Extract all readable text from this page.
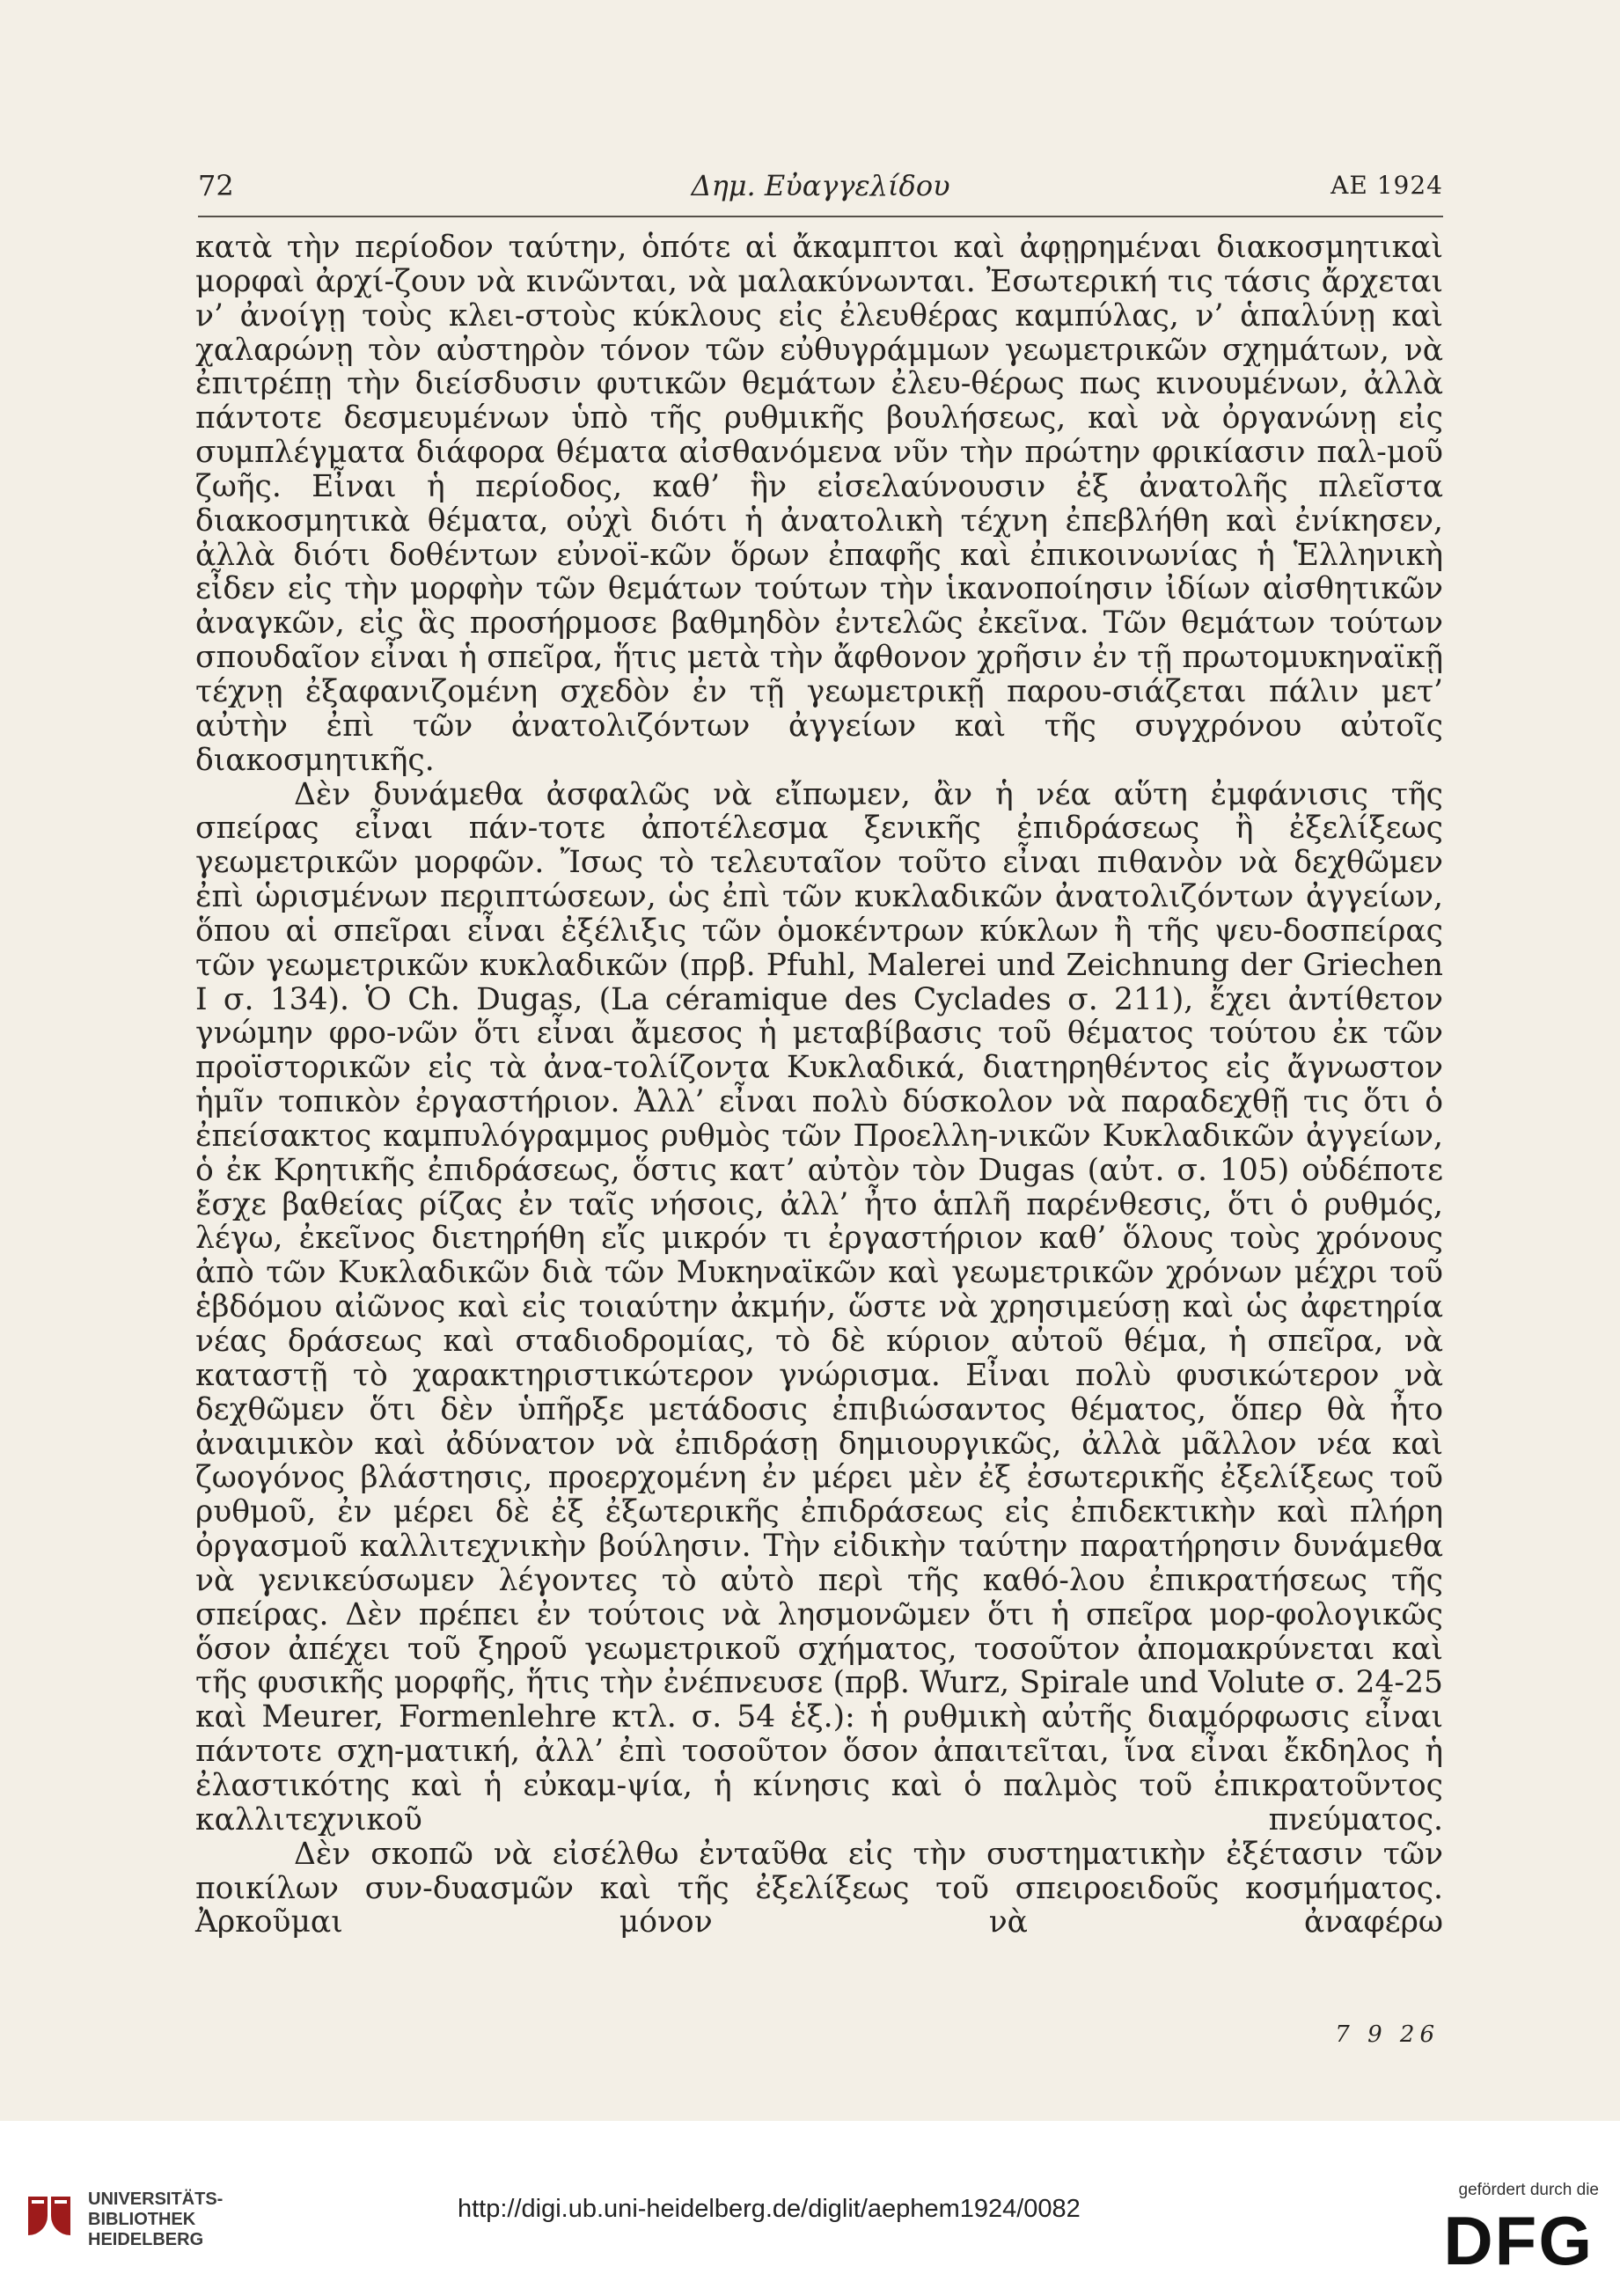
72	Δημ. Εὐαγγελίδου	ΑΕ 1924

κατὰ τὴν περίοδον ταύτην, ὁπότε αἱ ἄκαμπτοι καὶ ἀφῃρημέναι διακοσμητικαὶ μορφαὶ ἀρχί-ζουν νὰ κινῶνται, νὰ μαλακύνωνται. Ἐσωτερική τις τάσις ἄρχεται ν’ ἀνοίγῃ τοὺς κλει-στοὺς κύκλους εἰς ἐλευθέρας καμπύλας, ν’ ἁπαλύνῃ καὶ χαλαρώνῃ τὸν αὐστηρὸν τόνον τῶν εὐθυγράμμων γεωμετρικῶν σχημάτων, νὰ ἐπιτρέπῃ τὴν διείσδυσιν φυτικῶν θεμάτων ἐλευ-θέρως πως κινουμένων, ἀλλὰ πάντοτε δεσμευμένων ὑπὸ τῆς ρυθμικῆς βουλήσεως, καὶ νὰ ὀργανώνῃ εἰς συμπλέγματα διάφορα θέματα αἰσθανόμενα νῦν τὴν πρώτην φρικίασιν παλ-μοῦ ζωῆς. Εἶναι ἡ περίοδος, καθ’ ἣν εἰσελαύνουσιν ἐξ ἀνατολῆς πλεῖστα διακοσμητικὰ θέματα, οὐχὶ διότι ἡ ἀνατολικὴ τέχνη ἐπεβλήθη καὶ ἐνίκησεν, ἀλλὰ διότι δοθέντων εὐνοϊ-κῶν ὅρων ἐπαφῆς καὶ ἐπικοινωνίας ἡ Ἑλληνικὴ εἶδεν εἰς τὴν μορφὴν τῶν θεμάτων τούτων τὴν ἱκανοποίησιν ἰδίων αἰσθητικῶν ἀναγκῶν, εἰς ἃς προσήρμοσε βαθμηδὸν ἐντελῶς ἐκεῖνα. Τῶν θεμάτων τούτων σπουδαῖον εἶναι ἡ σπεῖρα, ἥτις μετὰ τὴν ἄφθονον χρῆσιν ἐν τῇ πρωτομυκηναϊκῇ τέχνῃ ἐξαφανιζομένη σχεδὸν ἐν τῇ γεωμετρικῇ παρου-σιάζεται πάλιν μετ’ αὐτὴν ἐπὶ τῶν ἀνατολιζόντων ἀγγείων καὶ τῆς συγχρόνου αὐτοῖς διακοσμητικῆς.

Δὲν δυνάμεθα ἀσφαλῶς νὰ εἴπωμεν, ἂν ἡ νέα αὕτη ἐμφάνισις τῆς σπείρας εἶναι πάν-τοτε ἀποτέλεσμα ξενικῆς ἐπιδράσεως ἢ ἐξελίξεως γεωμετρικῶν μορφῶν. Ἴσως τὸ τελευταῖον τοῦτο εἶναι πιθανὸν νὰ δεχθῶμεν ἐπὶ ὡρισμένων περιπτώσεων, ὡς ἐπὶ τῶν κυκλαδικῶν ἀνατολιζόντων ἀγγείων, ὅπου αἱ σπεῖραι εἶναι ἐξέλιξις τῶν ὁμοκέντρων κύκλων ἢ τῆς ψευ-δοσπείρας τῶν γεωμετρικῶν κυκλαδικῶν (πρβ. Pfuhl, Malerei und Zeichnung der Griechen I σ. 134). Ὁ Ch. Dugas, (La céramique des Cyclades σ. 211), ἔχει ἀντίθετον γνώμην φρο-νῶν ὅτι εἶναι ἄμεσος ἡ μεταβίβασις τοῦ θέματος τούτου ἐκ τῶν προϊστορικῶν εἰς τὰ ἀνα-τολίζοντα Κυκλαδικά, διατηρηθέντος εἰς ἄγνωστον ἡμῖν τοπικὸν ἐργαστήριον. Ἀλλ’ εἶναι πολὺ δύσκολον νὰ παραδεχθῇ τις ὅτι ὁ ἐπείσακτος καμπυλόγραμμος ρυθμὸς τῶν Προελλη-νικῶν Κυκλαδικῶν ἀγγείων, ὁ ἐκ Κρητικῆς ἐπιδράσεως, ὅστις κατ’ αὐτὸν τὸν Dugas (αὐτ. σ. 105) οὐδέποτε ἔσχε βαθείας ρίζας ἐν ταῖς νήσοις, ἀλλ’ ἦτο ἁπλῆ παρένθεσις, ὅτι ὁ ρυθμός, λέγω, ἐκεῖνος διετηρήθη εἴς μικρόν τι ἐργαστήριον καθ’ ὅλους τοὺς χρόνους ἀπὸ τῶν Κυκλαδικῶν διὰ τῶν Μυκηναϊκῶν καὶ γεωμετρικῶν χρόνων μέχρι τοῦ ἑβδόμου αἰῶνος καὶ εἰς τοιαύτην ἀκμήν, ὥστε νὰ χρησιμεύσῃ καὶ ὡς ἀφετηρία νέας δράσεως καὶ σταδιοδρομίας, τὸ δὲ κύριον αὐτοῦ θέμα, ἡ σπεῖρα, νὰ καταστῇ τὸ χαρακτηριστικώτερον γνώρισμα. Εἶναι πολὺ φυσικώτερον νὰ δεχθῶμεν ὅτι δὲν ὑπῆρξε μετάδοσις ἐπιβιώσαντος θέματος, ὅπερ θὰ ἦτο ἀναιμικὸν καὶ ἀδύνατον νὰ ἐπιδράσῃ δημιουργικῶς, ἀλλὰ μᾶλλον νέα καὶ ζωογόνος βλάστησις, προερχομένη ἐν μέρει μὲν ἐξ ἐσωτερικῆς ἐξελίξεως τοῦ ρυθμοῦ, ἐν μέρει δὲ ἐξ ἐξωτερικῆς ἐπιδράσεως εἰς ἐπιδεκτικὴν καὶ πλήρη ὀργασμοῦ καλλιτεχνικὴν βούλησιν. Τὴν εἰδικὴν ταύτην παρατήρησιν δυνάμεθα νὰ γενικεύσωμεν λέγοντες τὸ αὐτὸ περὶ τῆς καθό-λου ἐπικρατήσεως τῆς σπείρας. Δὲν πρέπει ἐν τούτοις νὰ λησμονῶμεν ὅτι ἡ σπεῖρα μορ-φολογικῶς ὅσον ἀπέχει τοῦ ξηροῦ γεωμετρικοῦ σχήματος, τοσοῦτον ἀπομακρύνεται καὶ τῆς φυσικῆς μορφῆς, ἥτις τὴν ἐνέπνευσε (πρβ. Wurz, Spirale und Volute σ. 24-25 καὶ Meurer, Formenlehre κτλ. σ. 54 ἑξ.): ἡ ρυθμικὴ αὐτῆς διαμόρφωσις εἶναι πάντοτε σχη-ματική, ἀλλ’ ἐπὶ τοσοῦτον ὅσον ἀπαιτεῖται, ἵνα εἶναι ἔκδηλος ἡ ἐλαστικότης καὶ ἡ εὐκαμ-ψία, ἡ κίνησις καὶ ὁ παλμὸς τοῦ ἐπικρατοῦντος καλλιτεχνικοῦ πνεύματος.

Δὲν σκοπῶ νὰ εἰσέλθω ἐνταῦθα εἰς τὴν συστηματικὴν ἐξέτασιν τῶν ποικίλων συν-δυασμῶν καὶ τῆς ἐξελίξεως τοῦ σπειροειδοῦς κοσμήματος. Ἀρκοῦμαι μόνον νὰ ἀναφέρω

7 9 26
UNIVERSITÄTS-
BIBLIOTHEK
HEIDELBERG
http://digi.ub.uni-heidelberg.de/diglit/aephem1924/0082
gefördert durch die
DFG
